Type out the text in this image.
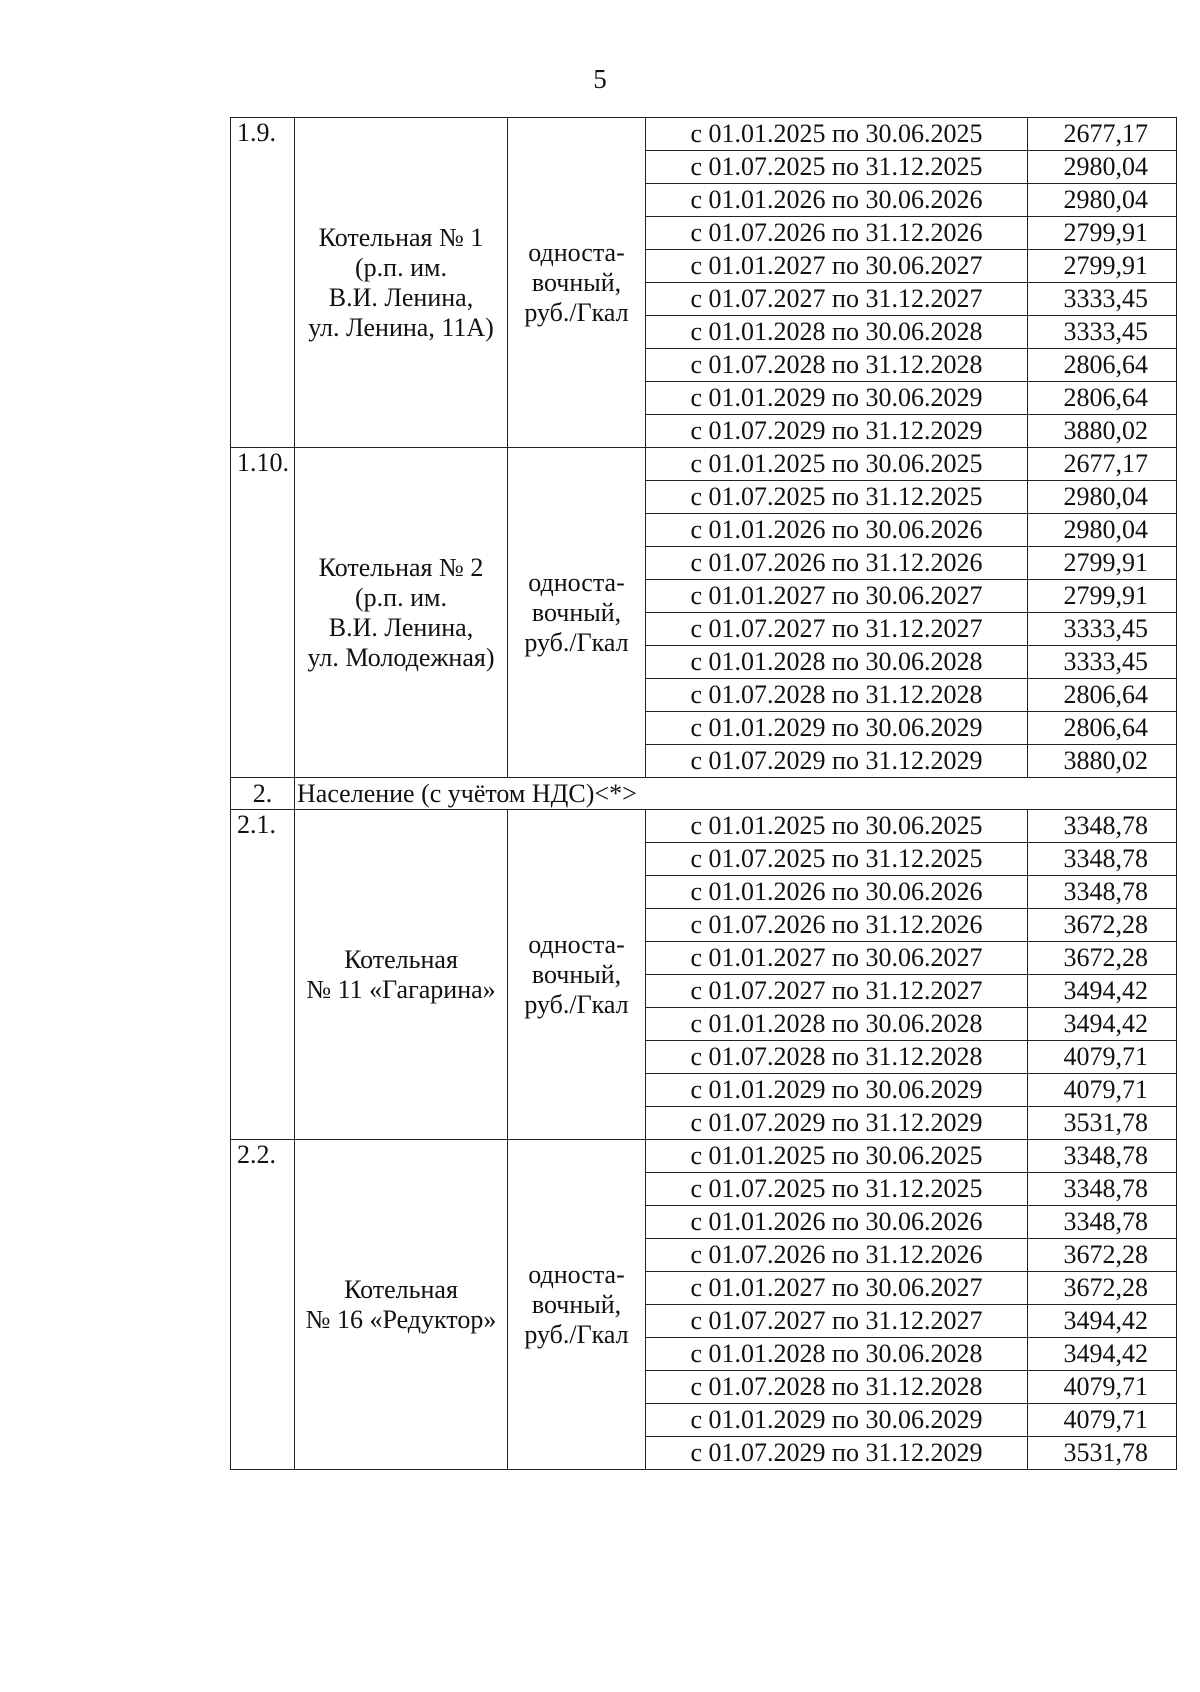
5
1.9.	Котельная № 1
(р.п. им.
В.И. Ленина,
ул. Ленина, 11А)	односта-
вочный,
руб./Гкал	с 01.01.2025 по 30.06.2025	2677,17
			с 01.07.2025 по 31.12.2025	2980,04
			с 01.01.2026 по 30.06.2026	2980,04
			с 01.07.2026 по 31.12.2026	2799,91
			с 01.01.2027 по 30.06.2027	2799,91
			с 01.07.2027 по 31.12.2027	3333,45
			с 01.01.2028 по 30.06.2028	3333,45
			с 01.07.2028 по 31.12.2028	2806,64
			с 01.01.2029 по 30.06.2029	2806,64
			с 01.07.2029 по 31.12.2029	3880,02
1.10.	Котельная № 2
(р.п. им.
В.И. Ленина,
ул. Молодежная)	односта-
вочный,
руб./Гкал	с 01.01.2025 по 30.06.2025	2677,17
			с 01.07.2025 по 31.12.2025	2980,04
			с 01.01.2026 по 30.06.2026	2980,04
			с 01.07.2026 по 31.12.2026	2799,91
			с 01.01.2027 по 30.06.2027	2799,91
			с 01.07.2027 по 31.12.2027	3333,45
			с 01.01.2028 по 30.06.2028	3333,45
			с 01.07.2028 по 31.12.2028	2806,64
			с 01.01.2029 по 30.06.2029	2806,64
			с 01.07.2029 по 31.12.2029	3880,02
2.	Население (с учётом НДС)<*>			
2.1.	Котельная
№ 11 «Гагарина»	односта-
вочный,
руб./Гкал	с 01.01.2025 по 30.06.2025	3348,78
			с 01.07.2025 по 31.12.2025	3348,78
			с 01.01.2026 по 30.06.2026	3348,78
			с 01.07.2026 по 31.12.2026	3672,28
			с 01.01.2027 по 30.06.2027	3672,28
			с 01.07.2027 по 31.12.2027	3494,42
			с 01.01.2028 по 30.06.2028	3494,42
			с 01.07.2028 по 31.12.2028	4079,71
			с 01.01.2029 по 30.06.2029	4079,71
			с 01.07.2029 по 31.12.2029	3531,78
2.2.	Котельная
№ 16 «Редуктор»	односта-
вочный,
руб./Гкал	с 01.01.2025 по 30.06.2025	3348,78
			с 01.07.2025 по 31.12.2025	3348,78
			с 01.01.2026 по 30.06.2026	3348,78
			с 01.07.2026 по 31.12.2026	3672,28
			с 01.01.2027 по 30.06.2027	3672,28
			с 01.07.2027 по 31.12.2027	3494,42
			с 01.01.2028 по 30.06.2028	3494,42
			с 01.07.2028 по 31.12.2028	4079,71
			с 01.01.2029 по 30.06.2029	4079,71
			с 01.07.2029 по 31.12.2029	3531,78
